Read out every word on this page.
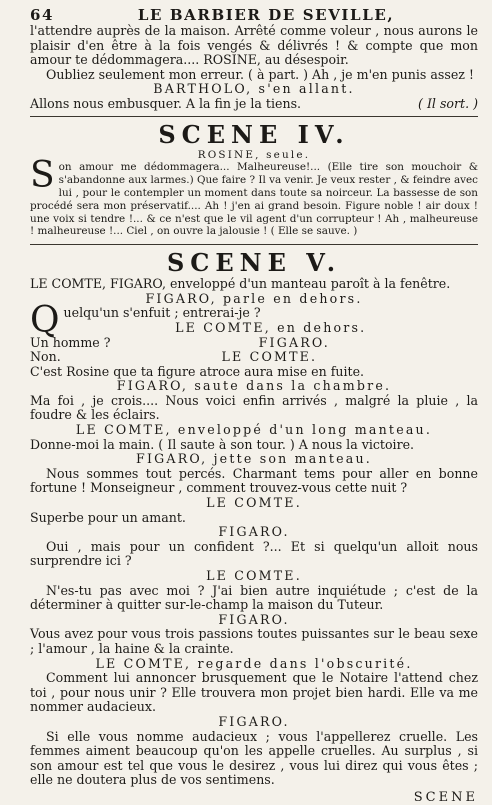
64	LE BARBIER DE SEVILLE,

l'attendre auprès de la maison. Arrêté comme voleur , nous aurons le plaisir d'en être à la fois vengés & délivrés ! & compte que mon amour te dédommagera.... ROSINE, au désespoir.

Oubliez seulement mon erreur. ( à part. ) Ah , je m'en punis assez !

BARTHOLO, s'en allant.

Allons nous embusquer. A la fin je la tiens.	( Il sort. )

SCENE IV.

ROSINE, seule.

Son amour me dédommagera... Malheureuse!... (Elle tire son mouchoir & s'abandonne aux larmes.) Que faire ? Il va venir. Je veux rester , & feindre avec lui , pour le contempler un moment dans toute sa noirceur. La bassesse de son procédé sera mon préservatif.... Ah ! j'en ai grand besoin. Figure noble ! air doux ! une voix si tendre !... & ce n'est que le vil agent d'un corrupteur ! Ah , malheureuse ! malheureuse !... Ciel , on ouvre la jalousie ! ( Elle se sauve. )

SCENE V.

LE COMTE, FIGARO, enveloppé d'un manteau paroît à la fenêtre.

FIGARO, parle en dehors.

Quelqu'un s'enfuit ; entrerai-je ?

LE COMTE, en dehors.

Un homme ?	FIGARO.
Non.	LE COMTE.

C'est Rosine que ta figure atroce aura mise en fuite.

FIGARO, saute dans la chambre.

Ma foi , je crois.... Nous voici enfin arrivés , malgré la pluie , la foudre & les éclairs.

LE COMTE, enveloppé d'un long manteau.

Donne-moi la main. ( Il saute à son tour. ) A nous la victoire.

FIGARO, jette son manteau.

Nous sommes tout percés. Charmant tems pour aller en bonne fortune ! Monseigneur , comment trouvez-vous cette nuit ?

LE COMTE.

Superbe pour un amant.

FIGARO.

Oui , mais pour un confident ?... Et si quelqu'un alloit nous surprendre ici ?

LE COMTE.

N'es-tu pas avec moi ? J'ai bien autre inquiétude ; c'est de la déterminer à quitter sur-le-champ la maison du Tuteur.

FIGARO.

Vous avez pour vous trois passions toutes puissantes sur le beau sexe ; l'amour , la haine & la crainte.

LE COMTE, regarde dans l'obscurité.

Comment lui annoncer brusquement que le Notaire l'attend chez toi , pour nous unir ? Elle trouvera mon projet bien hardi. Elle va me nommer audacieux.

FIGARO.

Si elle vous nomme audacieux ; vous l'appellerez cruelle. Les femmes aiment beaucoup qu'on les appelle cruelles. Au surplus , si son amour est tel que vous le desirez , vous lui direz qui vous êtes ; elle ne doutera plus de vos sentimens.

SCENE
